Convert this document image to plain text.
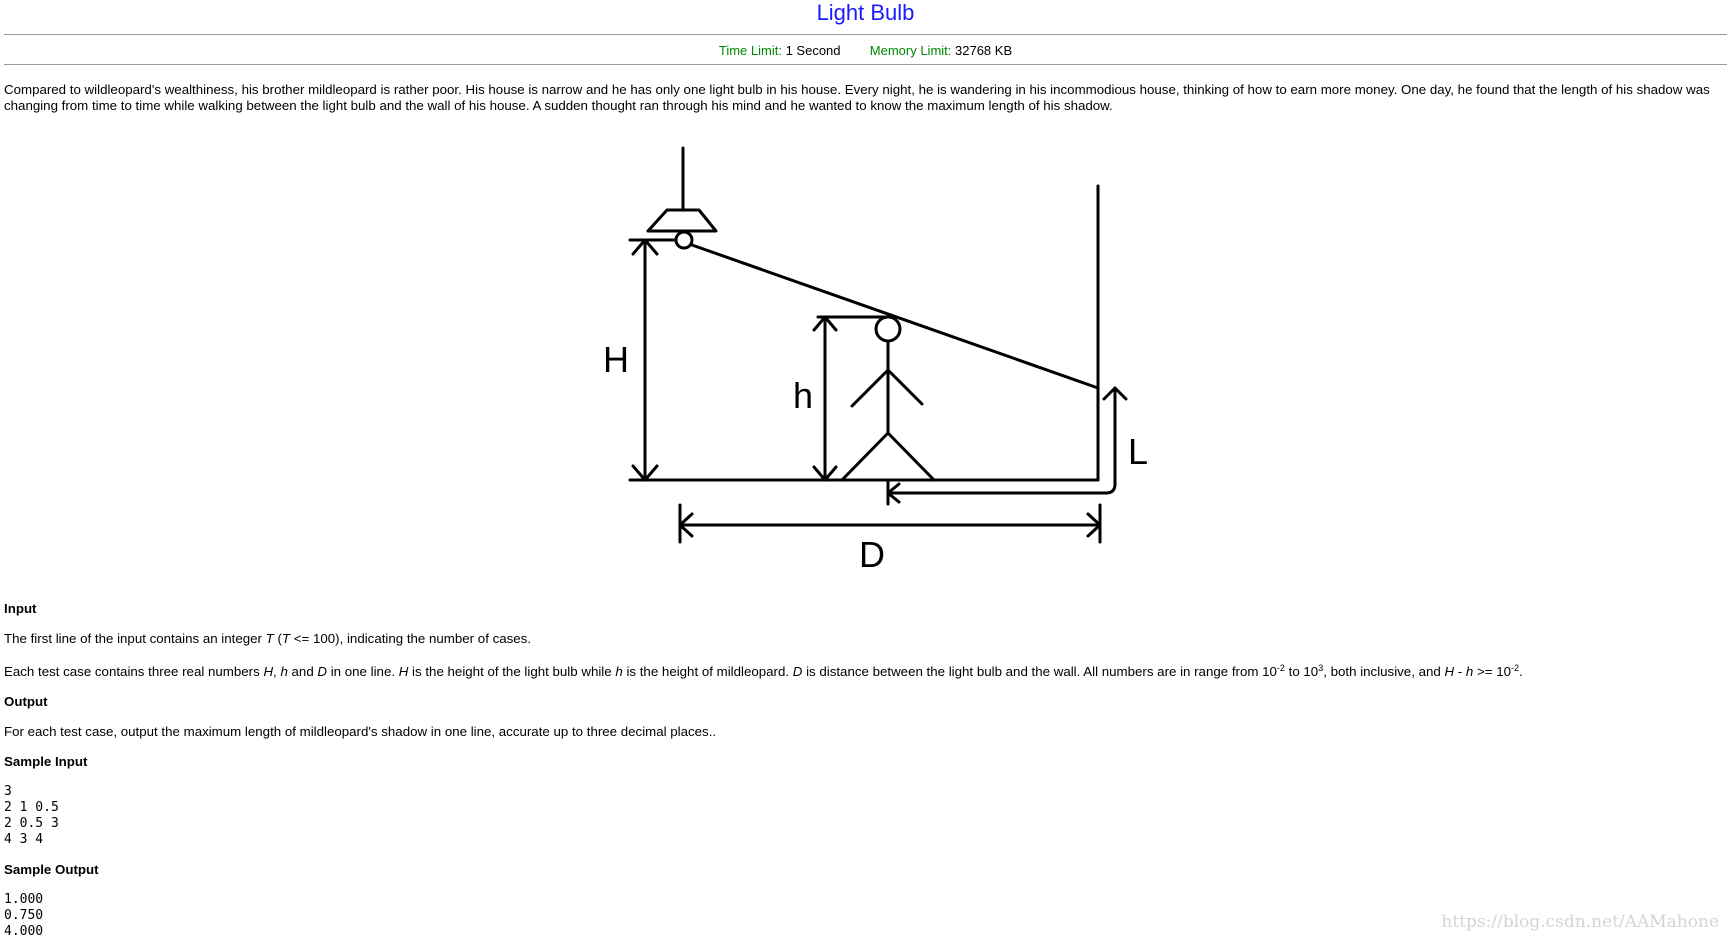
Light Bulb
Time Limit: 1 Second Memory Limit: 32768 KB
Compared to wildleopard's wealthiness, his brother mildleopard is rather poor. His house is narrow and he has only one light bulb in his house. Every night, he is wandering in his incommodious house, thinking of how to earn more money. One day, he found that the length of his shadow was changing from time to time while walking between the light bulb and the wall of his house. A sudden thought ran through his mind and he wanted to know the maximum length of his shadow.
H
h
L
D
Input
The first line of the input contains an integer T (T <= 100), indicating the number of cases.
Each test case contains three real numbers H, h and D in one line. H is the height of the light bulb while h is the height of mildleopard. D is distance between the light bulb and the wall. All numbers are in range from $10^{-2}$ to $10^3$, both inclusive, and $H - h >= 10^{-2}$.
Output
For each test case, output the maximum length of mildleopard's shadow in one line, accurate up to three decimal places..
Sample Input
3
2 1 0.5
2 0.5 3
4 3 4
Sample Output
1.000
0.750
4.000	https://blog.csdn.net/AAMahone
